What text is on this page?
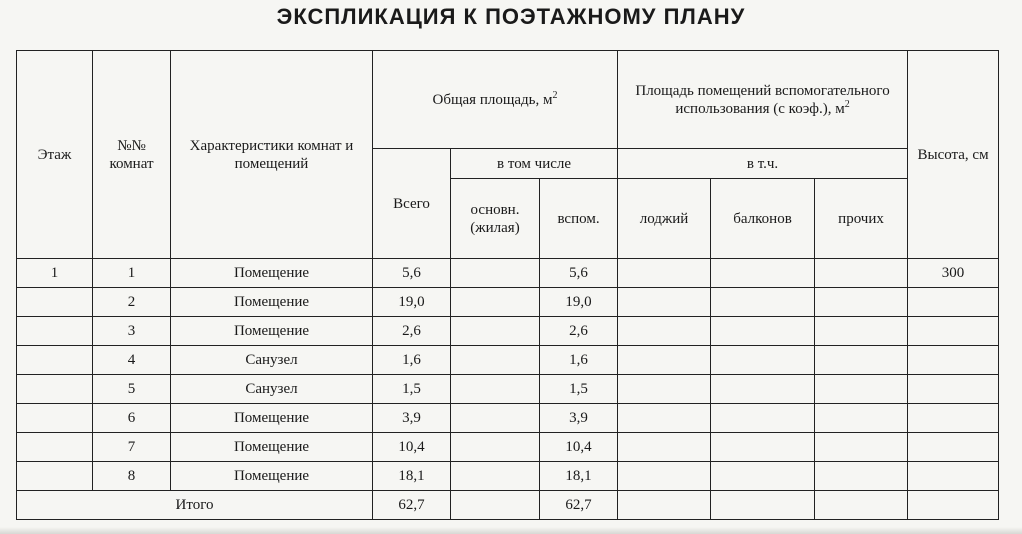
ЭКСПЛИКАЦИЯ К ПОЭТАЖНОМУ ПЛАНУ
Этаж	№№ комнат	Характеристики комнат и помещений	Общая площадь, $м^2$			Площадь помещений вспомогательного использования (с коэф.), $м^2$			Высота, см
			Всего	в том числе		в т.ч.			
				основн. (жилая)	вспом.	лоджий	балконов	прочих	
1	1	Помещение	5,6		5,6				300
	2	Помещение	19,0		19,0				
	3	Помещение	2,6		2,6				
	4	Санузел	1,6		1,6				
	5	Санузел	1,5		1,5				
	6	Помещение	3,9		3,9				
	7	Помещение	10,4		10,4				
	8	Помещение	18,1		18,1				
Итого			62,7		62,7				
